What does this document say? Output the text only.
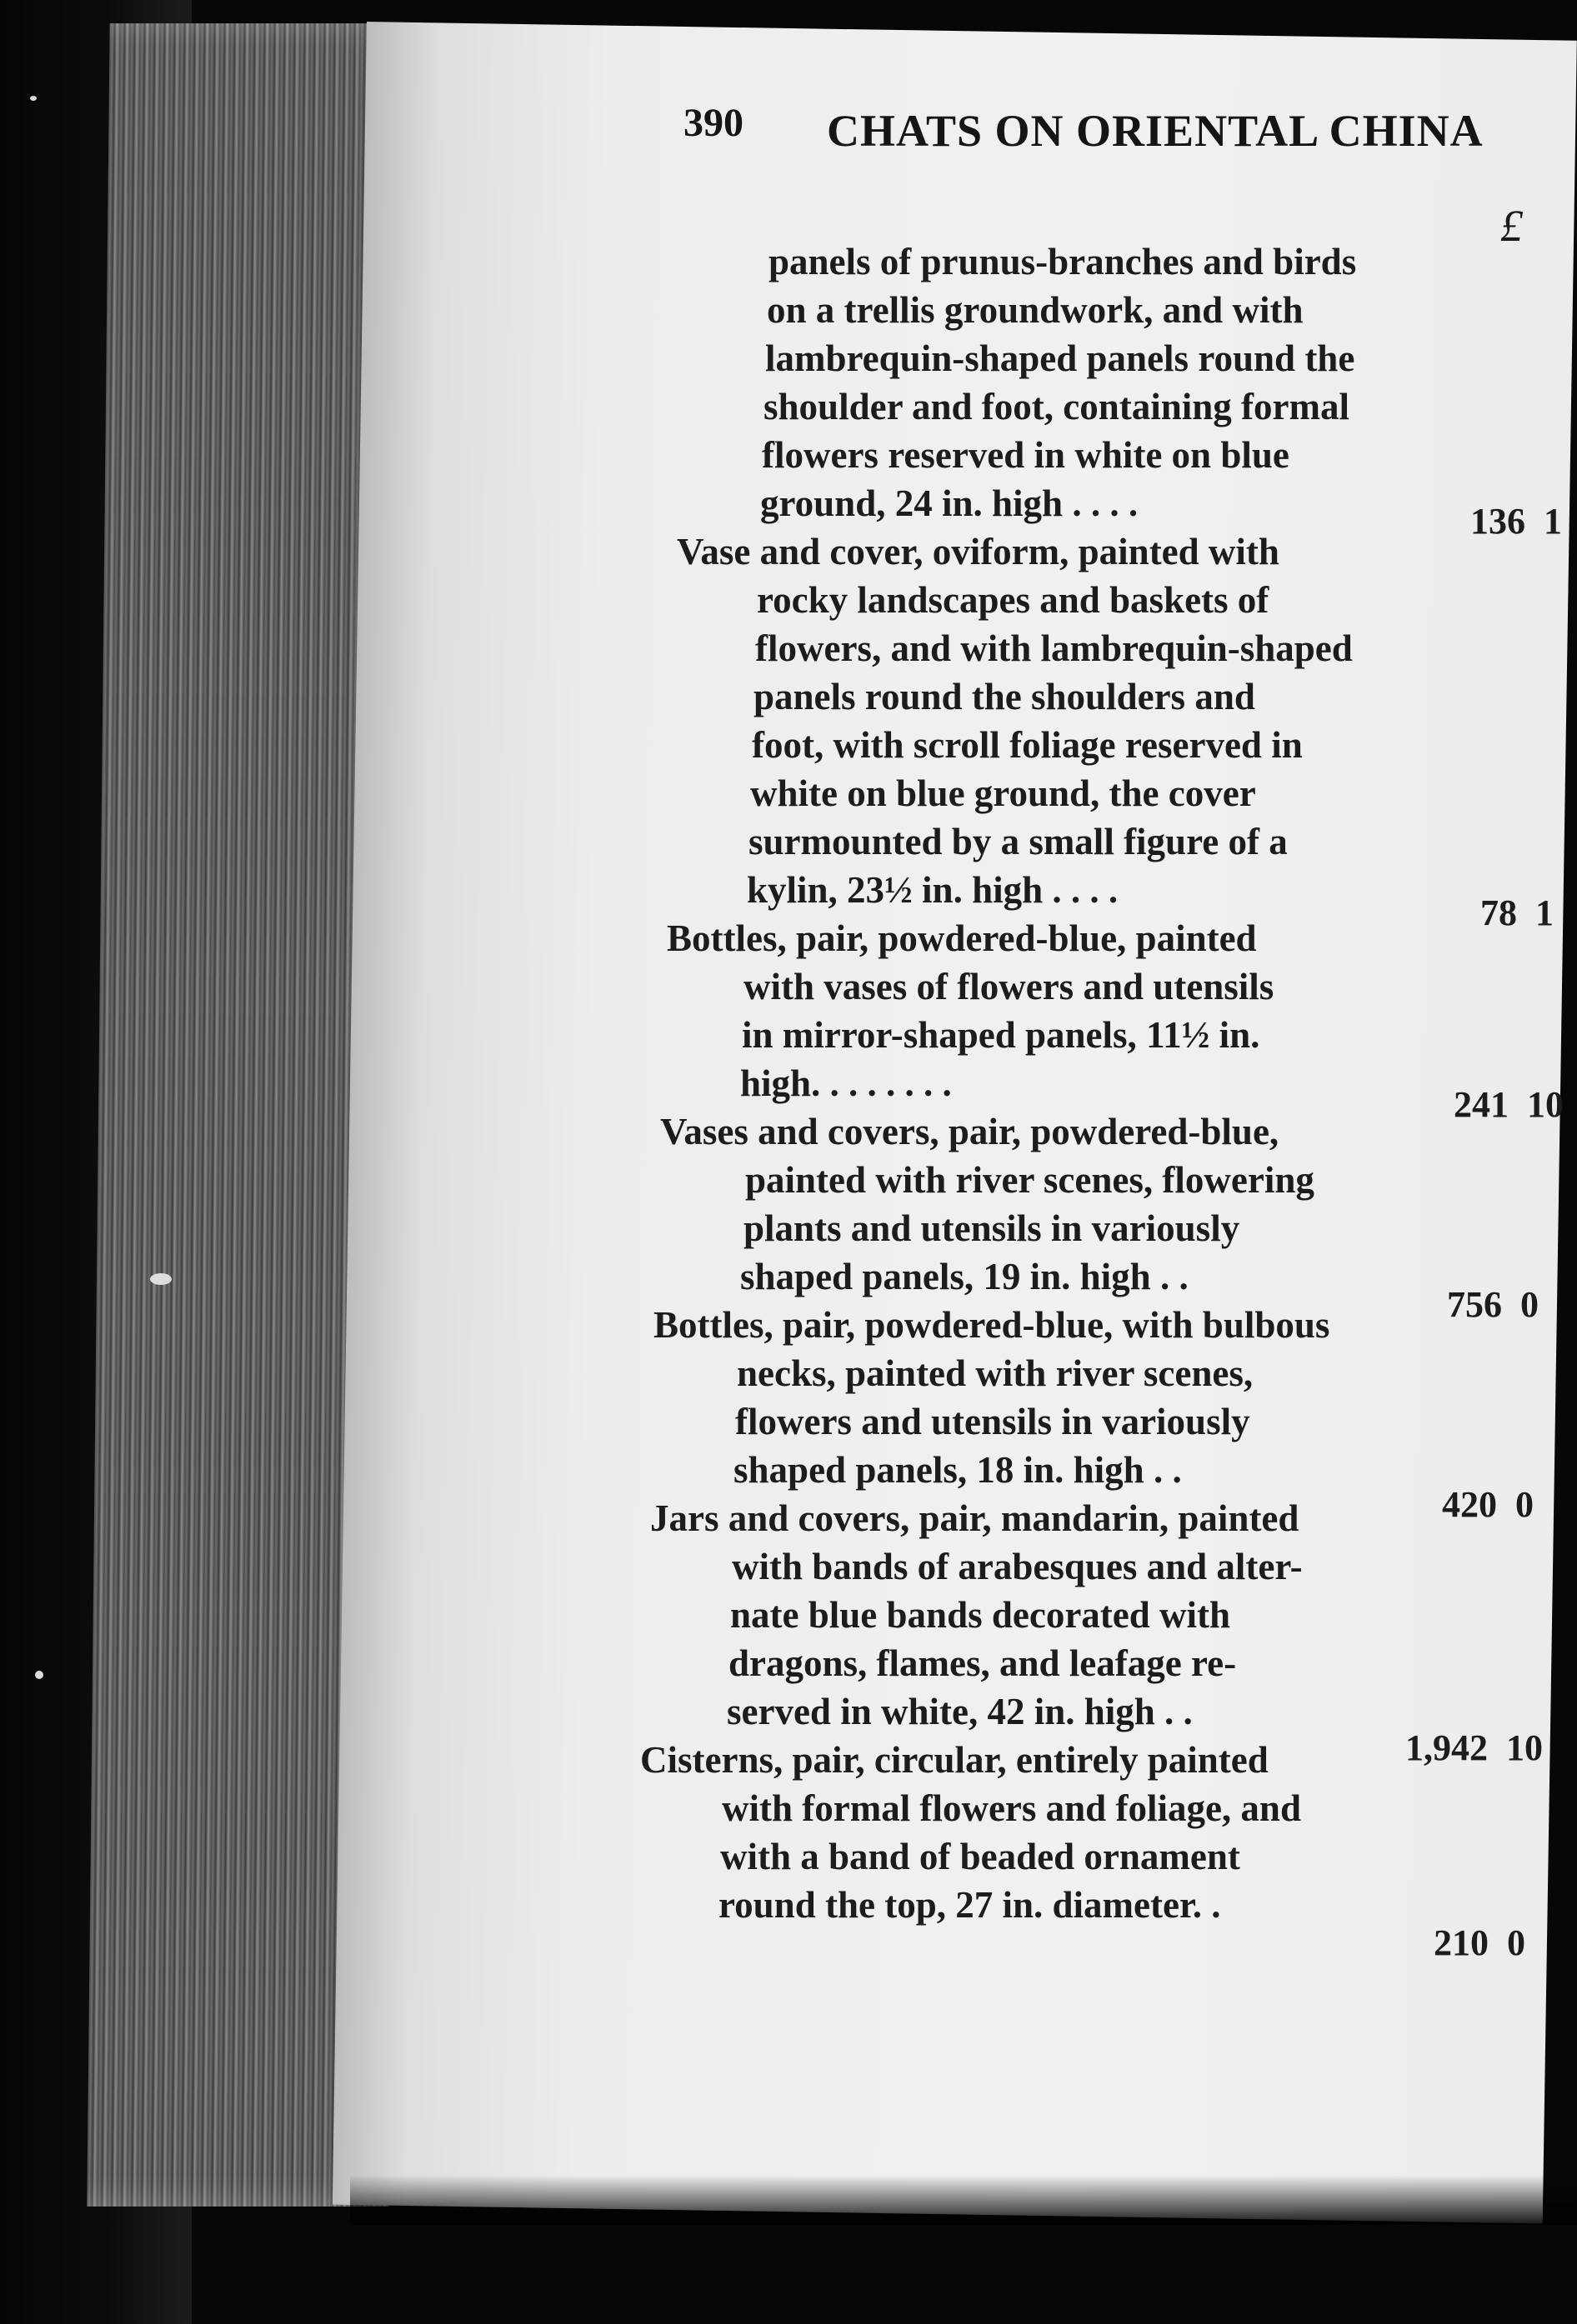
390 CHATS ON ORIENTAL CHINA
£
panels of prunus-branches and birds
on a trellis groundwork, and with
lambrequin-shaped panels round the
shoulder and foot, containing formal
flowers reserved in white on blue
ground, 24 in. high . . . .
Vase and cover, oviform, painted with
rocky landscapes and baskets of
flowers, and with lambrequin-shaped
panels round the shoulders and
foot, with scroll foliage reserved in
white on blue ground, the cover
surmounted by a small figure of a
kylin, 23½ in. high . . . .
Bottles, pair, powdered-blue, painted
with vases of flowers and utensils
in mirror-shaped panels, 11½ in.
high. . . . . . . .
Vases and covers, pair, powdered-blue,
painted with river scenes, flowering
plants and utensils in variously
shaped panels, 19 in. high . .
Bottles, pair, powdered-blue, with bulbous
necks, painted with river scenes,
flowers and utensils in variously
shaped panels, 18 in. high . .
Jars and covers, pair, mandarin, painted
with bands of arabesques and alter-
nate blue bands decorated with
dragons, flames, and leafage re-
served in white, 42 in. high . .
Cisterns, pair, circular, entirely painted
with formal flowers and foliage, and
with a band of beaded ornament
round the top, 27 in. diameter. .
136 1
78 1
241 10
756 0
420 0
1,942 10
210 0
